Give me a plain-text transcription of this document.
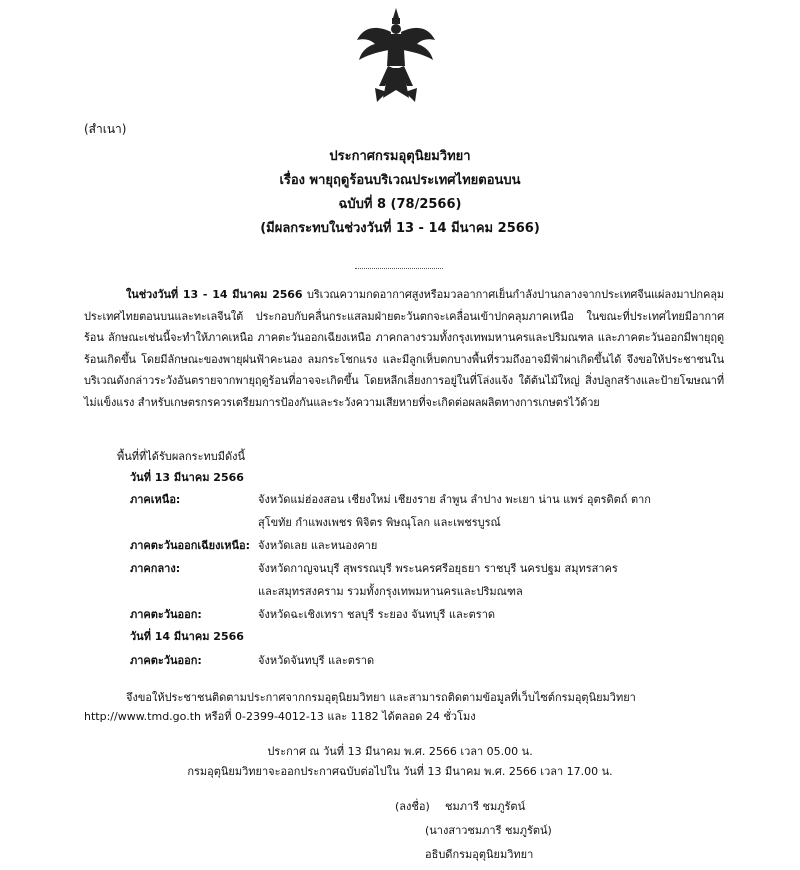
(สำเนา)
ประกาศกรมอุตุนิยมวิทยา
เรื่อง พายุฤดูร้อนบริเวณประเทศไทยตอนบน
ฉบับที่ 8 (78/2566)
(มีผลกระทบในช่วงวันที่ 13 - 14 มีนาคม 2566)
ในช่วงวันที่ 13 - 14 มีนาคม 2566 บริเวณความกดอากาศสูงหรือมวลอากาศเย็นกำลังปานกลางจากประเทศจีนแผ่ลงมาปกคลุมประเทศไทยตอนบนและทะเลจีนใต้ ประกอบกับคลื่นกระแสลมฝ่ายตะวันตกจะเคลื่อนเข้าปกคลุมภาคเหนือ ในขณะที่ประเทศไทยมีอากาศร้อน ลักษณะเช่นนี้จะทำให้ภาคเหนือ ภาคตะวันออกเฉียงเหนือ ภาคกลางรวมทั้งกรุงเทพมหานครและปริมณฑล และภาคตะวันออกมีพายุฤดูร้อนเกิดขึ้น โดยมีลักษณะของพายุฝนฟ้าคะนอง ลมกระโชกแรง และมีลูกเห็บตกบางพื้นที่รวมถึงอาจมีฟ้าผ่าเกิดขึ้นได้ จึงขอให้ประชาชนในบริเวณดังกล่าวระวังอันตรายจากพายุฤดูร้อนที่อาจจะเกิดขึ้น โดยหลีกเลี่ยงการอยู่ในที่โล่งแจ้ง ใต้ต้นไม้ใหญ่ สิ่งปลูกสร้างและป้ายโฆษณาที่ไม่แข็งแรง สำหรับเกษตรกรควรเตรียมการป้องกันและระวังความเสียหายที่จะเกิดต่อผลผลิตทางการเกษตรไว้ด้วย
พื้นที่ที่ได้รับผลกระทบมีดังนี้
วันที่ 13 มีนาคม 2566
ภาคเหนือ:	จังหวัดแม่ฮ่องสอน เชียงใหม่ เชียงราย ลำพูน ลำปาง พะเยา น่าน แพร่ อุตรดิตถ์ ตาก
สุโขทัย กำแพงเพชร พิจิตร พิษณุโลก และเพชรบูรณ์
ภาคตะวันออกเฉียงเหนือ: จังหวัดเลย และหนองคาย
ภาคกลาง:	จังหวัดกาญจนบุรี สุพรรณบุรี พระนครศรีอยุธยา ราชบุรี นครปฐม สมุทรสาคร
และสมุทรสงคราม รวมทั้งกรุงเทพมหานครและปริมณฑล
ภาคตะวันออก:	จังหวัดฉะเชิงเทรา ชลบุรี ระยอง จันทบุรี และตราด
วันที่ 14 มีนาคม 2566
ภาคตะวันออก:	จังหวัดจันทบุรี และตราด
จึงขอให้ประชาชนติดตามประกาศจากกรมอุตุนิยมวิทยา และสามารถติดตามข้อมูลที่เว็บไซต์กรมอุตุนิยมวิทยา
http://www.tmd.go.th หรือที่ 0-2399-4012-13 และ 1182 ได้ตลอด 24 ชั่วโมง
ประกาศ ณ วันที่ 13 มีนาคม พ.ศ. 2566 เวลา 05.00 น.
กรมอุตุนิยมวิทยาจะออกประกาศฉบับต่อไปใน วันที่ 13 มีนาคม พ.ศ. 2566 เวลา 17.00 น.
(ลงชื่อ)	ชมภารี ชมภูรัตน์
(นางสาวชมภารี ชมภูรัตน์)
อธิบดีกรมอุตุนิยมวิทยา
